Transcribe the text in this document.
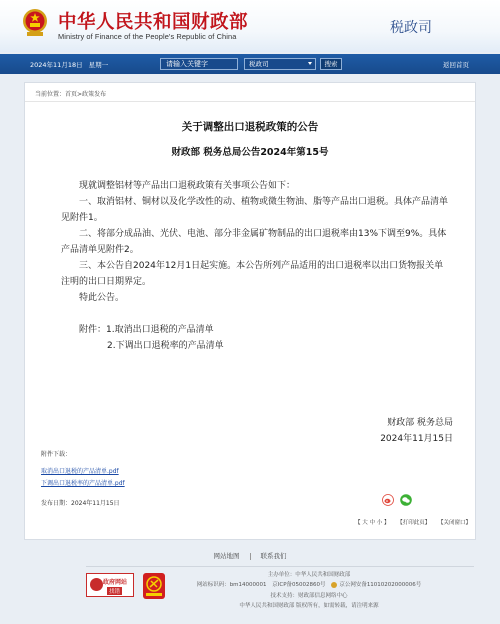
中华人民共和国财政部
Ministry of Finance of the People's Republic of China
税政司
2024年11月18日 星期一	请输入关键字	税政司	搜索	返回首页
当前位置：首页>政策发布
关于调整出口退税政策的公告
财政部 税务总局公告2024年第15号

现就调整铝材等产品出口退税政策有关事项公告如下：

一、取消铝材、铜材以及化学改性的动、植物或微生物油、脂等产品出口退税。具体产品清单见附件1。

二、将部分成品油、光伏、电池、部分非金属矿物制品的出口退税率由13%下调至9%。具体产品清单见附件2。

三、本公告自2024年12月1日起实施。本公告所列产品适用的出口退税率以出口货物报关单注明的出口日期界定。

特此公告。

附件：1.取消出口退税的产品清单

2.下调出口退税率的产品清单

财政部 税务总局
2024年11月15日
附件下载：
取消出口退税的产品清单.pdf
下调出口退税率的产品清单.pdf
发布日期：2024年11月15日
【 大 中 小 】 【打印此页】 【关闭窗口】
网站地图	联系我们
政府网站
找错
主办单位：中华人民共和国财政部
网站标识码：bm14000001 京ICP备05002860号	京公网安备11010202000006号
技术支持：财政部信息网络中心
中华人民共和国财政部 版权所有，如需转载，请注明来源
